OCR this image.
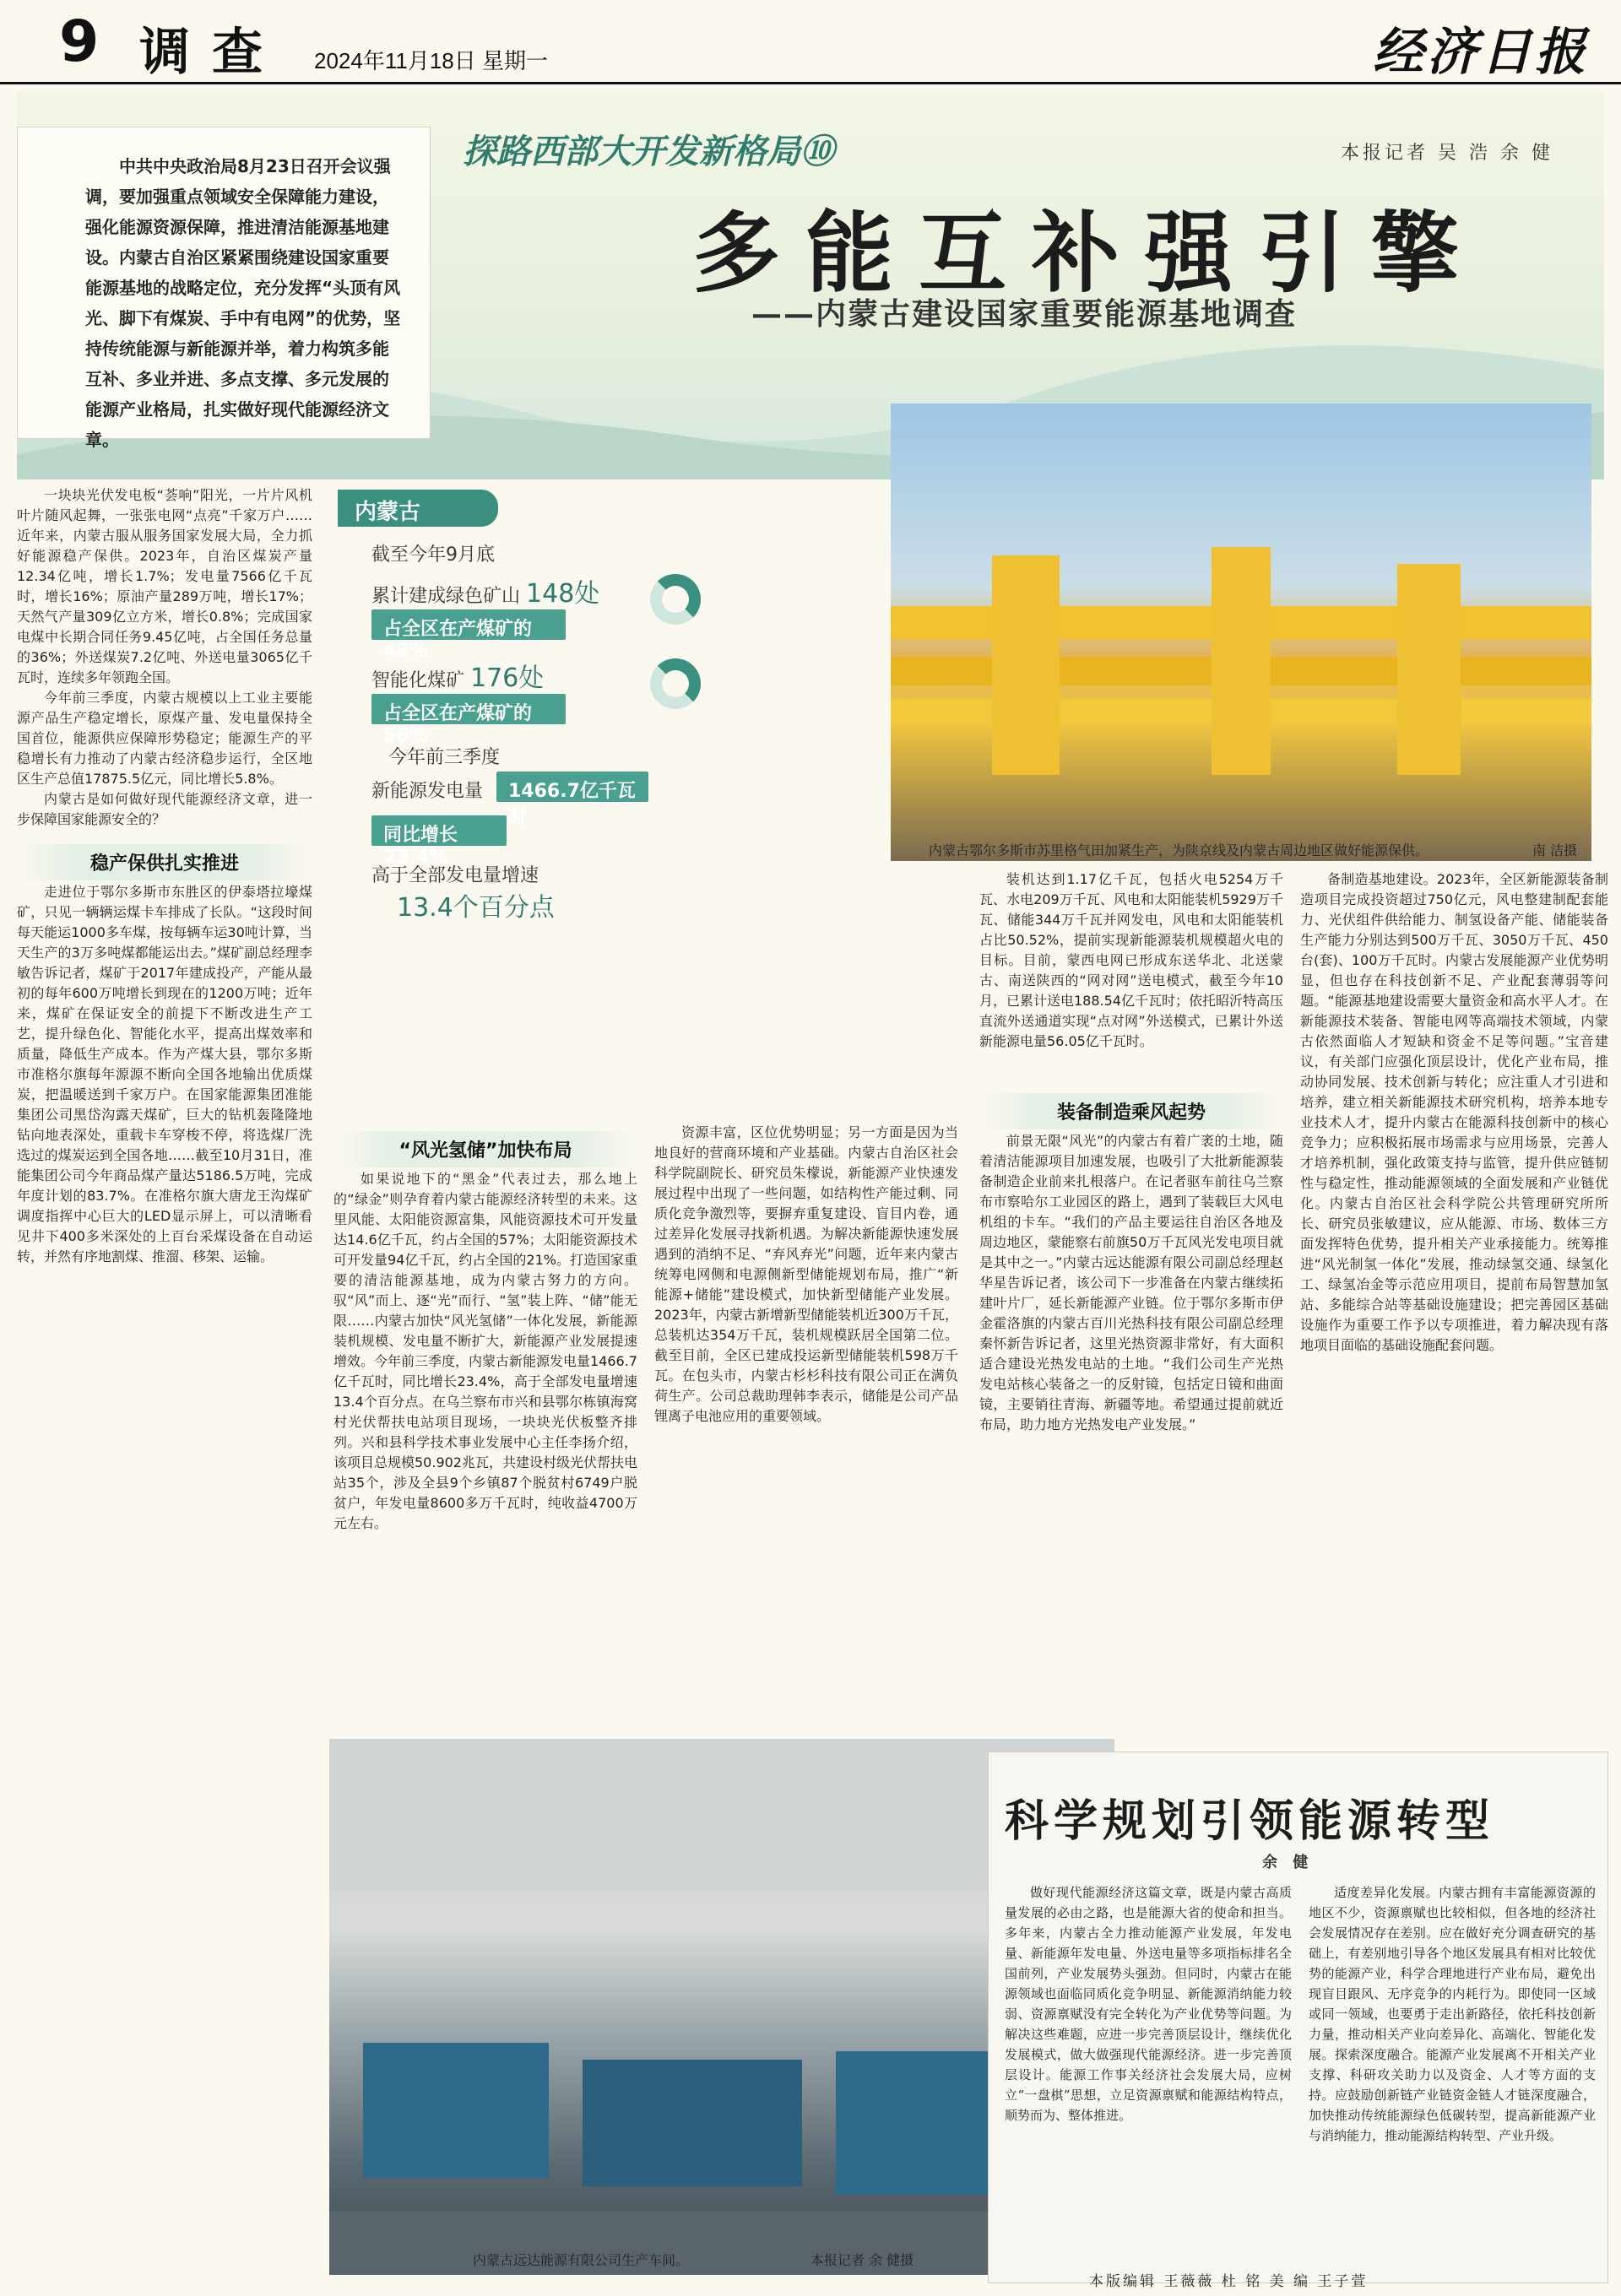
9 调查 2024年11月18日 星期一	经济日报
探路西部大开发新格局⑩	本报记者 吴 浩 余 健
多能互补强引擎
——内蒙古建设国家重要能源基地调查

中共中央政治局8月23日召开会议强调，要加强重点领域安全保障能力建设，强化能源资源保障，推进清洁能源基地建设。内蒙古自治区紧紧围绕建设国家重要能源基地的战略定位，充分发挥“头顶有风光、脚下有煤炭、手中有电网”的优势，坚持传统能源与新能源并举，着力构筑多能互补、多业并进、多点支撑、多元发展的能源产业格局，扎实做好现代能源经济文章。

内蒙古鄂尔多斯市苏里格气田加紧生产，为陕京线及内蒙古周边地区做好能源保供。	南 洁摄
内蒙古
截至今年9月底
累计建成绿色矿山 148处
占全区在产煤矿的48%
智能化煤矿 176处
占全区在产煤矿的56%
今年前三季度
新能源发电量	1466.7亿千瓦时
同比增长23.4%
高于全部发电量增速
13.4个百分点

一块块光伏发电板“荟响”阳光，一片片风机叶片随风起舞，一张张电网“点亮”千家万户……近年来，内蒙古服从服务国家发展大局，全力抓好能源稳产保供。2023年，自治区煤炭产量12.34亿吨，增长1.7%；发电量7566亿千瓦时，增长16%；原油产量289万吨，增长17%；天然气产量309亿立方米，增长0.8%；完成国家电煤中长期合同任务9.45亿吨，占全国任务总量的36%；外送煤炭7.2亿吨、外送电量3065亿千瓦时，连续多年领跑全国。

今年前三季度，内蒙古规模以上工业主要能源产品生产稳定增长，原煤产量、发电量保持全国首位，能源供应保障形势稳定；能源生产的平稳增长有力推动了内蒙古经济稳步运行，全区地区生产总值17875.5亿元，同比增长5.8%。

内蒙古是如何做好现代能源经济文章，进一步保障国家能源安全的？

稳产保供扎实推进

走进位于鄂尔多斯市东胜区的伊泰塔拉壕煤矿，只见一辆辆运煤卡车排成了长队。“这段时间每天能运1000多车煤，按每辆车运30吨计算，当天生产的3万多吨煤都能运出去。”煤矿副总经理李敏告诉记者，煤矿于2017年建成投产，产能从最初的每年600万吨增长到现在的1200万吨；近年来，煤矿在保证安全的前提下不断改进生产工艺，提升绿色化、智能化水平，提高出煤效率和质量，降低生产成本。作为产煤大县，鄂尔多斯市准格尔旗每年源源不断向全国各地输出优质煤炭，把温暖送到千家万户。在国家能源集团准能集团公司黑岱沟露天煤矿，巨大的钻机轰隆隆地钻向地表深处，重载卡车穿梭不停，将选煤厂洗选过的煤炭运到全国各地……截至10月31日，准能集团公司今年商品煤产量达5186.5万吨，完成年度计划的83.7%。在准格尔旗大唐龙王沟煤矿调度指挥中心巨大的LED显示屏上，可以清晰看见井下400多米深处的上百台采煤设备在自动运转，并然有序地割煤、推溜、移架、运输。

“风光氢储”加快布局

如果说地下的“黑金”代表过去，那么地上的“绿金”则孕育着内蒙古能源经济转型的未来。这里风能、太阳能资源富集，风能资源技术可开发量达14.6亿千瓦，约占全国的57%；太阳能资源技术可开发量94亿千瓦，约占全国的21%。打造国家重要的清洁能源基地，成为内蒙古努力的方向。驭“风”而上、逐“光”而行、“氢”装上阵、“储”能无限……内蒙古加快“风光氢储”一体化发展，新能源装机规模、发电量不断扩大，新能源产业发展提速增效。今年前三季度，内蒙古新能源发电量1466.7亿千瓦时，同比增长23.4%，高于全部发电量增速13.4个百分点。在乌兰察布市兴和县鄂尔栋镇海窝村光伏帮扶电站项目现场，一块块光伏板整齐排列。兴和县科学技术事业发展中心主任李扬介绍，该项目总规模50.902兆瓦，共建设村级光伏帮扶电站35个，涉及全县9个乡镇87个脱贫村6749户脱贫户，年发电量8600多万千瓦时，纯收益4700万元左右。

资源丰富，区位优势明显；另一方面是因为当地良好的营商环境和产业基础。内蒙古自治区社会科学院副院长、研究员朱檬说，新能源产业快速发展过程中出现了一些问题，如结构性产能过剩、同质化竞争激烈等，要摒弃重复建设、盲目内卷，通过差异化发展寻找新机遇。为解决新能源快速发展遇到的消纳不足、“弃风弃光”问题，近年来内蒙古统筹电网侧和电源侧新型储能规划布局，推广“新能源+储能”建设模式，加快新型储能产业发展。2023年，内蒙古新增新型储能装机近300万千瓦，总装机达354万千瓦，装机规模跃居全国第二位。截至目前，全区已建成投运新型储能装机598万千瓦。在包头市，内蒙古杉杉科技有限公司正在满负荷生产。公司总裁助理韩李表示，储能是公司产品锂离子电池应用的重要领域。

装机达到1.17亿千瓦，包括火电5254万千瓦、水电209万千瓦、风电和太阳能装机5929万千瓦、储能344万千瓦并网发电，风电和太阳能装机占比50.52%，提前实现新能源装机规模超火电的目标。目前，蒙西电网已形成东送华北、北送蒙古、南送陕西的“网对网”送电模式，截至今年10月，已累计送电188.54亿千瓦时；依托昭沂特高压直流外送通道实现“点对网”外送模式，已累计外送新能源电量56.05亿千瓦时。

装备制造乘风起势

前景无限“风光”的内蒙古有着广袤的土地，随着清洁能源项目加速发展，也吸引了大批新能源装备制造企业前来扎根落户。在记者驱车前往乌兰察布市察哈尔工业园区的路上，遇到了装载巨大风电机组的卡车。“我们的产品主要运往自治区各地及周边地区，蒙能察右前旗50万千瓦风光发电项目就是其中之一。”内蒙古远达能源有限公司副总经理赵华星告诉记者，该公司下一步准备在内蒙古继续拓建叶片厂，延长新能源产业链。位于鄂尔多斯市伊金霍洛旗的内蒙古百川光热科技有限公司副总经理秦怀新告诉记者，这里光热资源非常好，有大面积适合建设光热发电站的土地。“我们公司生产光热发电站核心装备之一的反射镜，包括定日镜和曲面镜，主要销往青海、新疆等地。希望通过提前就近布局，助力地方光热发电产业发展。”

备制造基地建设。2023年，全区新能源装备制造项目完成投资超过750亿元，风电整建制配套能力、光伏组件供给能力、制氢设备产能、储能装备生产能力分别达到500万千瓦、3050万千瓦、450台(套)、100万千瓦时。内蒙古发展能源产业优势明显，但也存在科技创新不足、产业配套薄弱等问题。“能源基地建设需要大量资金和高水平人才。在新能源技术装备、智能电网等高端技术领域，内蒙古依然面临人才短缺和资金不足等问题。”宝音建议，有关部门应强化顶层设计，优化产业布局，推动协同发展、技术创新与转化；应注重人才引进和培养，建立相关新能源技术研究机构，培养本地专业技术人才，提升内蒙古在能源科技创新中的核心竞争力；应积极拓展市场需求与应用场景，完善人才培养机制，强化政策支持与监管，提升供应链韧性与稳定性，推动能源领域的全面发展和产业链优化。内蒙古自治区社会科学院公共管理研究所所长、研究员张敏建议，应从能源、市场、数体三方面发挥特色优势，提升相关产业承接能力。统筹推进“风光制氢一体化”发展，推动绿氢交通、绿氢化工、绿氢冶金等示范应用项目，提前布局智慧加氢站、多能综合站等基础设施建设；把完善园区基础设施作为重要工作予以专项推进，着力解决现有落地项目面临的基础设施配套问题。

内蒙古远达能源有限公司生产车间。	本报记者 余 健摄
科学规划引领能源转型
余 健

做好现代能源经济这篇文章，既是内蒙古高质量发展的必由之路，也是能源大省的使命和担当。多年来，内蒙古全力推动能源产业发展，年发电量、新能源年发电量、外送电量等多项指标排名全国前列，产业发展势头强劲。但同时，内蒙古在能源领域也面临同质化竞争明显、新能源消纳能力较弱、资源禀赋没有完全转化为产业优势等问题。为解决这些难题，应进一步完善顶层设计，继续优化发展模式，做大做强现代能源经济。进一步完善顶层设计。能源工作事关经济社会发展大局，应树立“一盘棋”思想，立足资源禀赋和能源结构特点，顺势而为、整体推进。

适度差异化发展。内蒙古拥有丰富能源资源的地区不少，资源禀赋也比较相似，但各地的经济社会发展情况存在差别。应在做好充分调查研究的基础上，有差别地引导各个地区发展具有相对比较优势的能源产业，科学合理地进行产业布局，避免出现盲目跟风、无序竞争的内耗行为。即使同一区域或同一领域，也要勇于走出新路径，依托科技创新力量，推动相关产业向差异化、高端化、智能化发展。探索深度融合。能源产业发展离不开相关产业支撑、科研攻关助力以及资金、人才等方面的支持。应鼓励创新链产业链资金链人才链深度融合，加快推动传统能源绿色低碳转型，提高新能源产业与消纳能力，推动能源结构转型、产业升级。

本版编辑 王薇薇 杜 铭 美 编 王子萱
